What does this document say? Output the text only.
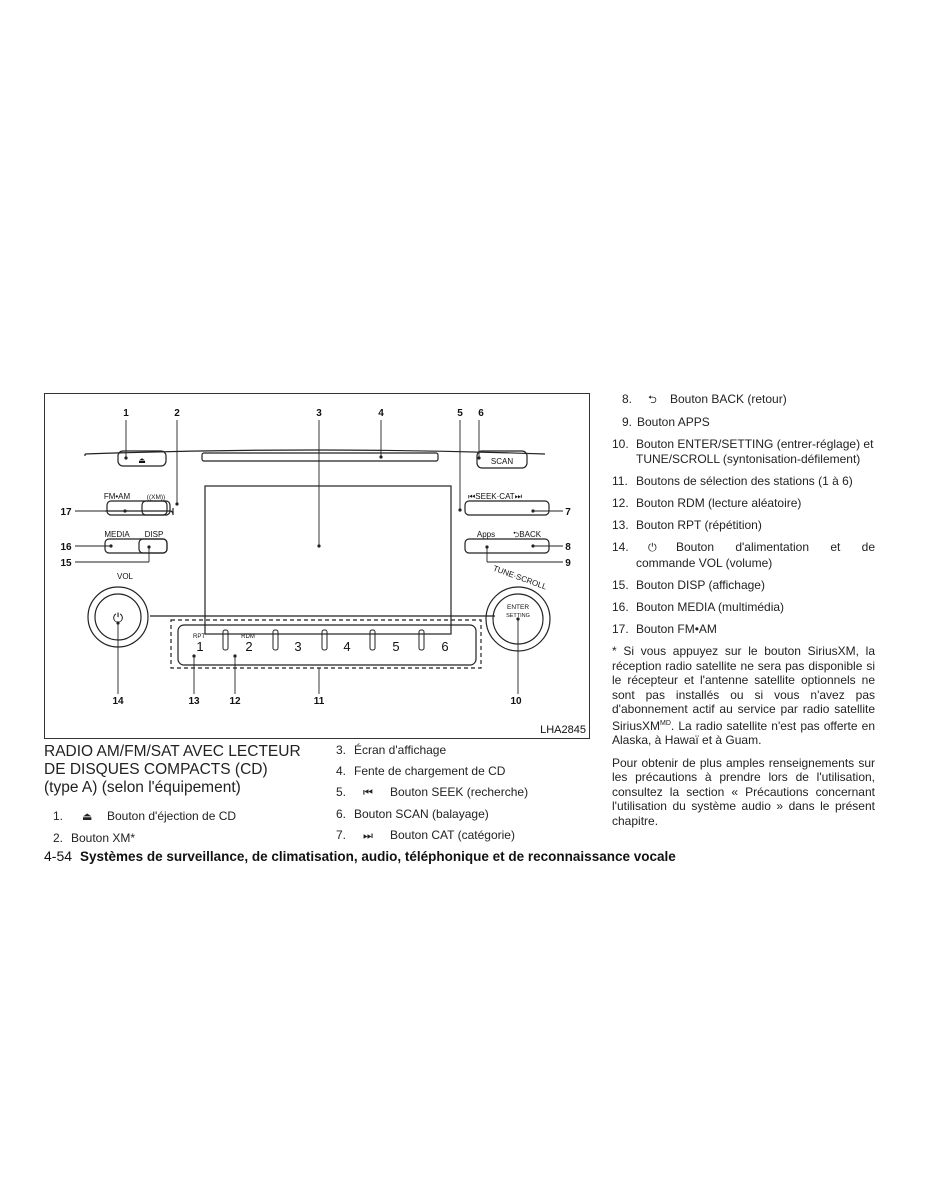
1	2	3	4	5 6
7
8
9
10
11
12
13
14
15
16
17
SCAN
FM•AM	((XM))	⏮SEEK·CAT⏭
MEDIA DISP	Apps ⮌BACK
VOL	TUNE·SCROLL
ENTER
SETTING
RPT	RDM
⏻
⏏
1	2	3	4	5	6
LHA2845
RADIO AM/FM/SAT AVEC LECTEUR
DE DISQUES COMPACTS (CD)
(type A) (selon l'équipement)
1. ⏏ Bouton d'éjection de CD
2. Bouton XM*
3. Écran d'affichage
4. Fente de chargement de CD
5. ⏮ Bouton SEEK (recherche)
6. Bouton SCAN (balayage)
7. ⏭ Bouton CAT (catégorie)
8. ⮌ Bouton BACK (retour)
9. Bouton APPS
10. Bouton ENTER/SETTING (entrer-réglage) et TUNE/SCROLL (syntonisation-défilement)
11. Boutons de sélection des stations (1 à 6)
12. Bouton RDM (lecture aléatoire)
13. Bouton RPT (répétition)
14.	⏻ Bouton d'alimentation et de commande VOL (volume)
15. Bouton DISP (affichage)
16. Bouton MEDIA (multimédia)
17. Bouton FM•AM
* Si vous appuyez sur le bouton SiriusXM, la réception radio satellite ne sera pas disponible si le récepteur et l'antenne satellite optionnels ne sont pas installés ou si vous n'avez pas d'abonnement actif au service par radio satellite SiriusXM$^{MD}$. La radio satellite n'est pas offerte en Alaska, à Hawaï et à Guam.
Pour obtenir de plus amples renseignements sur les précautions à prendre lors de l'utilisation, consultez la section « Précautions concernant l'utilisation du système audio » dans le présent chapitre.
4-54 Systèmes de surveillance, de climatisation, audio, téléphonique et de reconnaissance vocale
